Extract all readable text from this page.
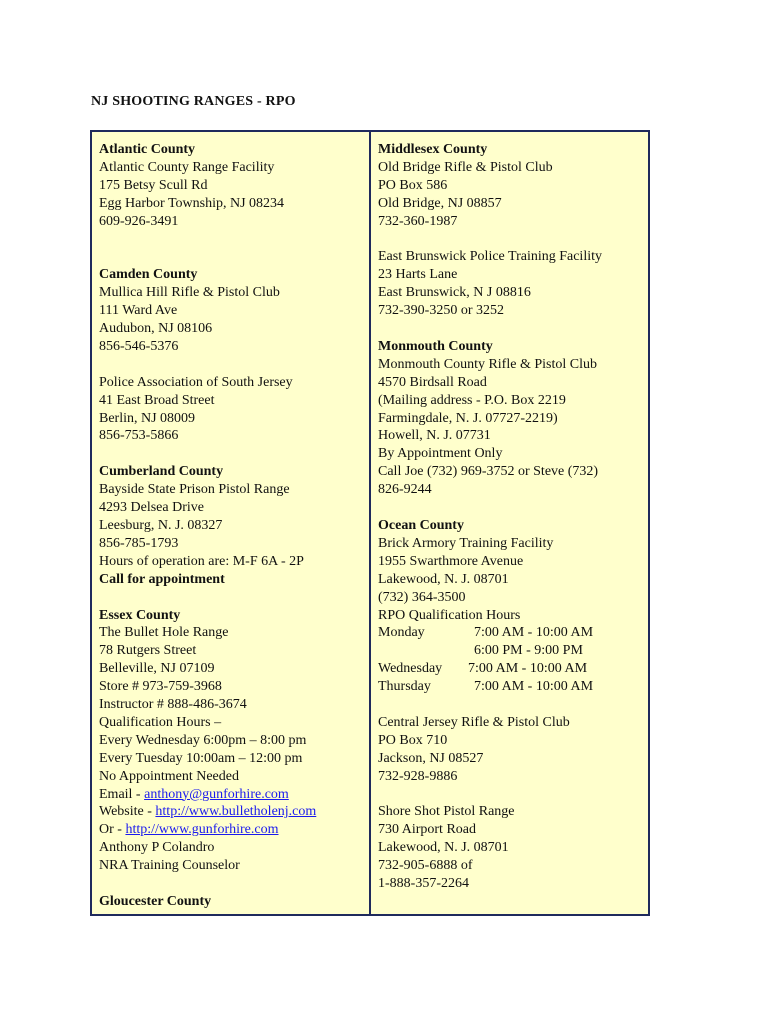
NJ SHOOTING RANGES - RPO
Atlantic County
Atlantic County Range Facility
175 Betsy Scull Rd
Egg Harbor Township, NJ 08234
609-926-3491
Camden County
Mullica Hill Rifle & Pistol Club
111 Ward Ave
Audubon, NJ 08106
856-546-5376
Police Association of South Jersey
41 East Broad Street
Berlin, NJ 08009
856-753-5866
Cumberland County
Bayside State Prison Pistol Range
4293 Delsea Drive
Leesburg, N. J. 08327
856-785-1793
Hours of operation are: M-F 6A - 2P
Call for appointment
Essex County
The Bullet Hole Range
78 Rutgers Street
Belleville, NJ 07109
Store # 973-759-3968
Instructor # 888-486-3674
Qualification Hours –
Every Wednesday 6:00pm – 8:00 pm
Every Tuesday 10:00am – 12:00 pm
No Appointment Needed
Email - anthony@gunforhire.com
Website - http://www.bulletholenj.com
Or - http://www.gunforhire.com
Anthony P Colandro
NRA Training Counselor
Gloucester County
Middlesex County
Old Bridge Rifle & Pistol Club
PO Box 586
Old Bridge, NJ 08857
732-360-1987
East Brunswick Police Training Facility
23 Harts Lane
East Brunswick, N J 08816
732-390-3250 or 3252
Monmouth County
Monmouth County Rifle & Pistol Club
4570 Birdsall Road
(Mailing address - P.O. Box 2219
Farmingdale, N. J. 07727-2219)
Howell, N. J. 07731
By Appointment Only
Call Joe (732) 969-3752 or Steve (732)
826-9244
Ocean County
Brick Armory Training Facility
1955 Swarthmore Avenue
Lakewood, N. J. 08701
(732) 364-3500
RPO Qualification Hours
Monday	7:00 AM - 10:00 AM
6:00 PM - 9:00 PM
Wednesday	7:00 AM - 10:00 AM
Thursday	7:00 AM - 10:00 AM
Central Jersey Rifle & Pistol Club
PO Box 710
Jackson, NJ 08527
732-928-9886
Shore Shot Pistol Range
730 Airport Road
Lakewood, N. J. 08701
732-905-6888 of
1-888-357-2264
